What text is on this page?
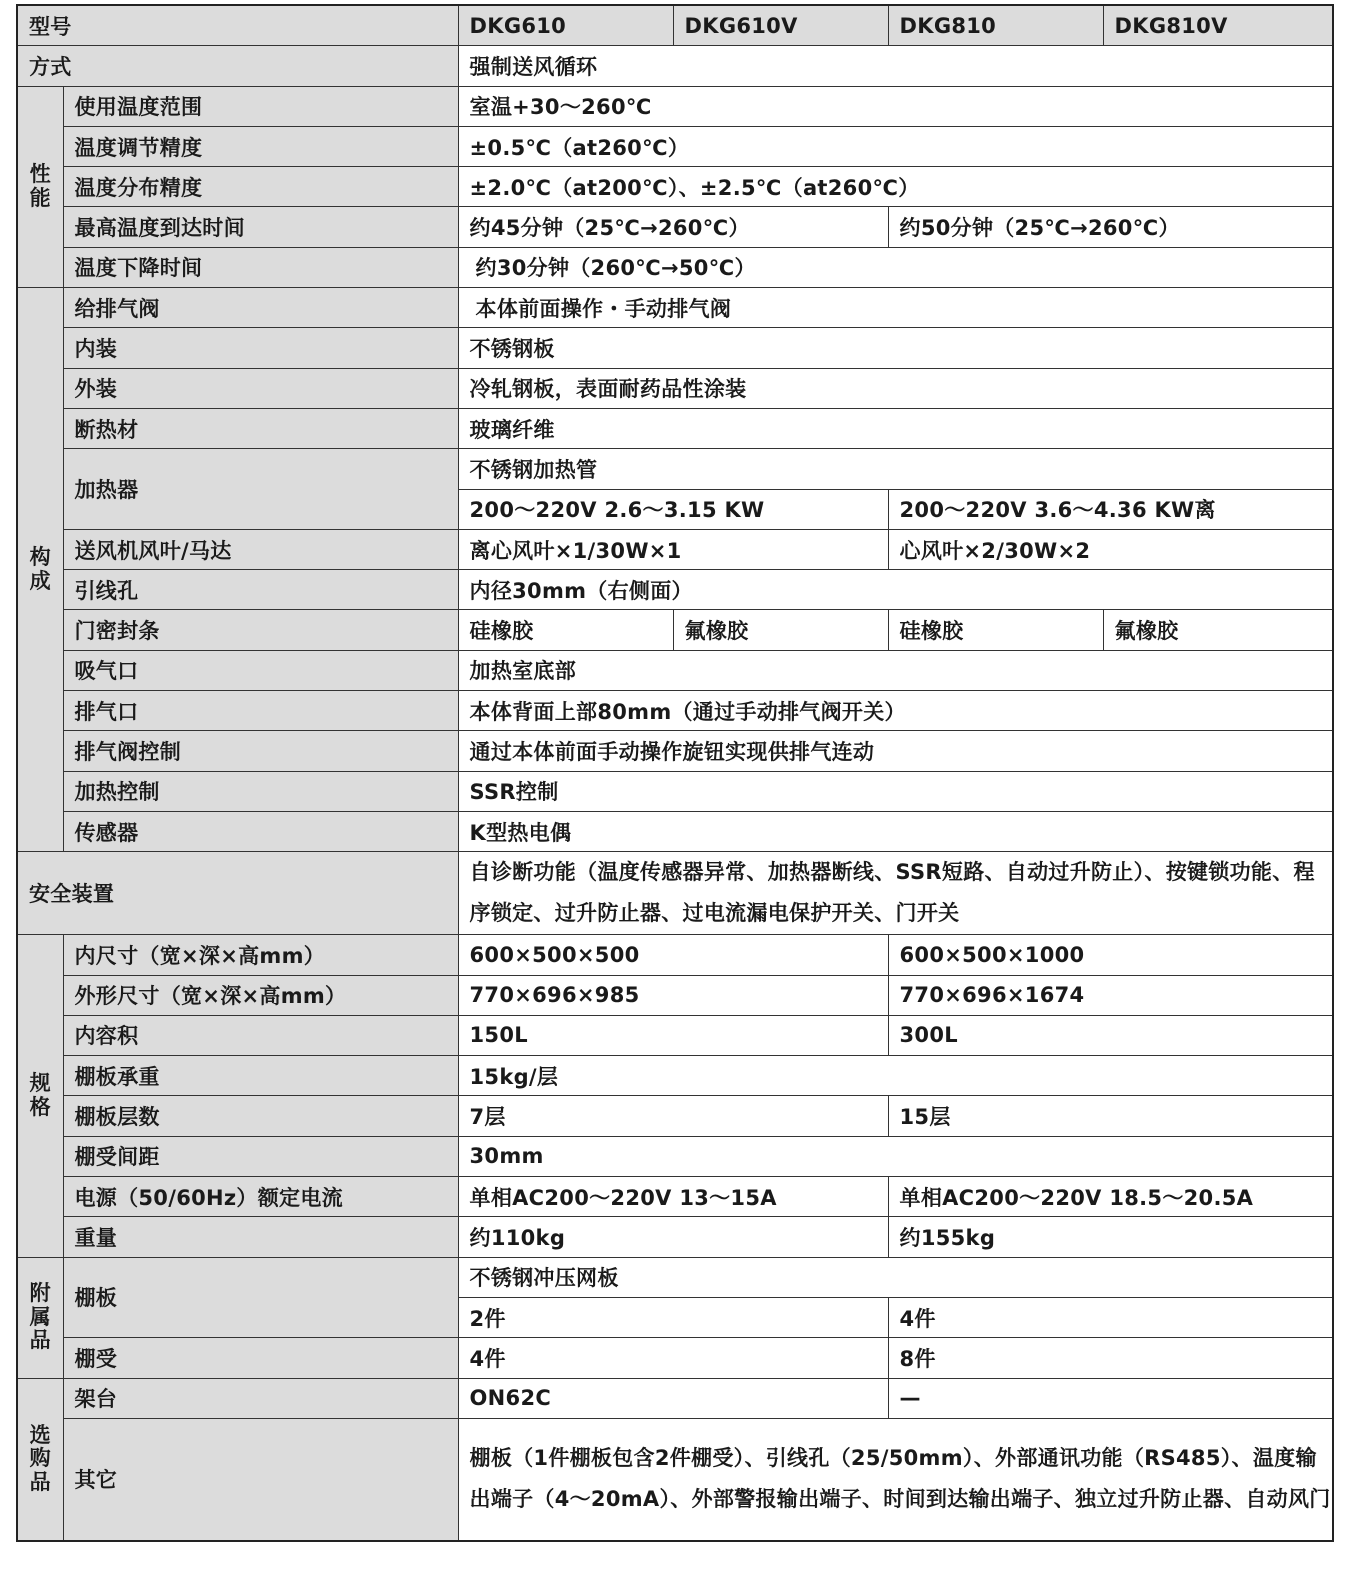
型号		DKG610	DKG610V	DKG810	DKG810V
方式		强制送风循环			
性能	使用温度范围	室温+30～260℃			
	温度调节精度	±0.5℃（at260℃）			
	温度分布精度	±2.0℃（at200℃）、±2.5℃（at260℃）			
	最高温度到达时间	约45分钟（25℃→260℃）		约50分钟（25℃→260℃）	
	温度下降时间	约30分钟（260℃→50℃）			
构成	给排气阀	本体前面操作・手动排气阀			
	内装	不锈钢板			
	外装	冷轧钢板，表面耐药品性涂装			
	断热材	玻璃纤维			
	加热器	不锈钢加热管			
		200～220V 2.6～3.15 KW		200～220V 3.6～4.36 KW离	
	送风机风叶/马达	离心风叶×1/30W×1		心风叶×2/30W×2	
	引线孔	内径30mm（右侧面）			
	门密封条	硅橡胶	氟橡胶	硅橡胶	氟橡胶
	吸气口	加热室底部			
	排气口	本体背面上部80mm（通过手动排气阀开关）			
	排气阀控制	通过本体前面手动操作旋钮实现供排气连动			
	加热控制	SSR控制			
	传感器	K型热电偶			
安全装置		自诊断功能（温度传感器异常、加热器断线、SSR短路、自动过升防止）、按键锁功能、程序锁定、过升防止器、过电流漏电保护开关、门开关			
规格	内尺寸（宽×深×高mm）	600×500×500		600×500×1000	
	外形尺寸（宽×深×高mm）	770×696×985		770×696×1674	
	内容积	150L		300L	
	棚板承重	15kg/层			
	棚板层数	7层		15层	
	棚受间距	30mm			
	电源（50/60Hz）额定电流	单相AC200～220V 13～15A		单相AC200～220V 18.5～20.5A	
	重量	约110kg		约155kg	
附属品	棚板	不锈钢冲压网板			
		2件		4件	
	棚受	4件		8件	
选购品	架台	ON62C		—	
	其它	棚板（1件棚板包含2件棚受）、引线孔（25/50mm）、外部通讯功能（RS485）、温度输出端子（4～20mA）、外部警报输出端子、时间到达输出端子、独立过升防止器、自动风门			
